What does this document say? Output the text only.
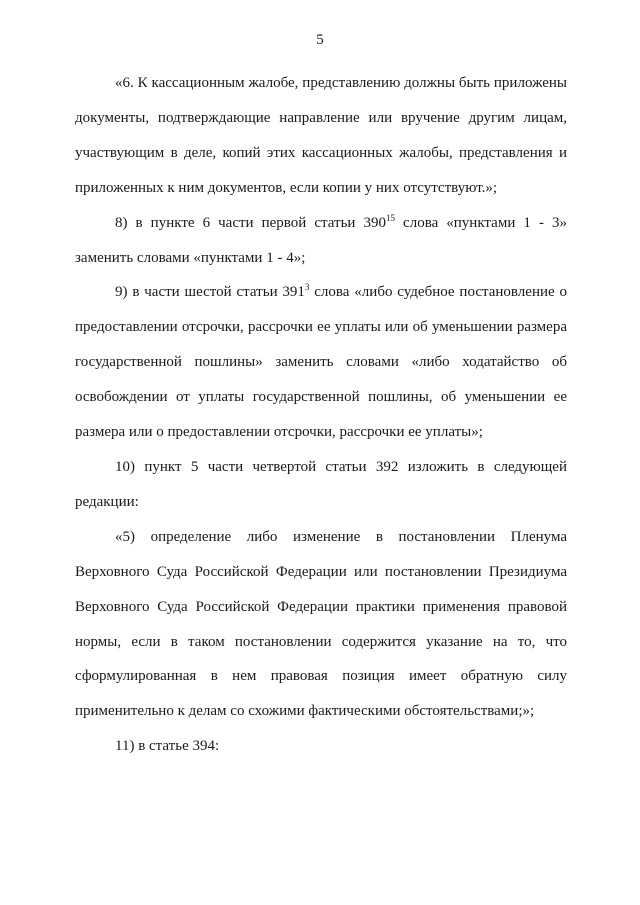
5

«6. К кассационным жалобе, представлению должны быть приложены документы, подтверждающие направление или вручение другим лицам, участвующим в деле, копий этих кассационных жалобы, представления и приложенных к ним документов, если копии у них отсутствуют.»;

8) в пункте 6 части первой статьи $390^{15}$ слова «пунктами 1 - 3» заменить словами «пунктами 1 - 4»;

9) в части шестой статьи $391^3$ слова «либо судебное постановление о предоставлении отсрочки, рассрочки ее уплаты или об уменьшении размера государственной пошлины» заменить словами «либо ходатайство об освобождении от уплаты государственной пошлины, об уменьшении ее размера или о предоставлении отсрочки, рассрочки ее уплаты»;

10) пункт 5 части четвертой статьи 392 изложить в следующей редакции:

«5) определение либо изменение в постановлении Пленума Верховного Суда Российской Федерации или постановлении Президиума Верховного Суда Российской Федерации практики применения правовой нормы, если в таком постановлении содержится указание на то, что сформулированная в нем правовая позиция имеет обратную силу применительно к делам со схожими фактическими обстоятельствами;»;

11) в статье 394:
